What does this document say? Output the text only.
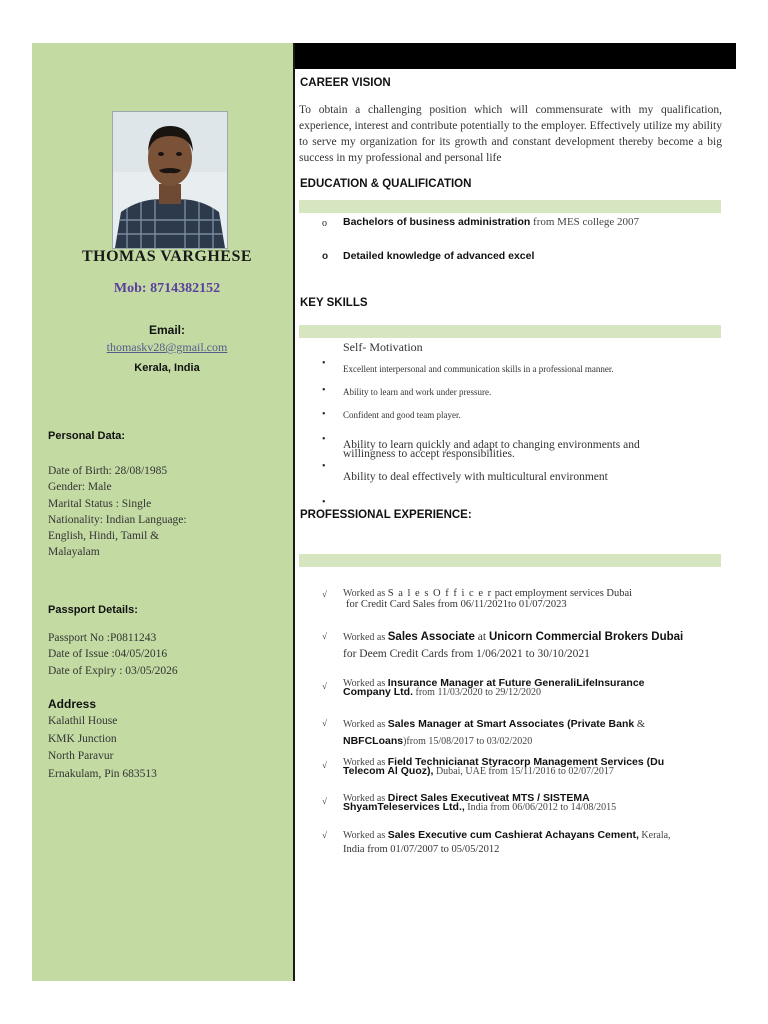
THOMAS VARGHESE
Mob: 8714382152
Email:
thomaskv28@gmail.com
Kerala, India
Personal Data:
Date of Birth: 28/08/1985
Gender: Male
Marital Status : Single
Nationality: Indian Language:
English, Hindi, Tamil &
Malayalam
Passport Details:
Passport No :P0811243
Date of Issue :04/05/2016
Date of Expiry : 03/05/2026
Address
Kalathil House
KMK Junction
North Paravur
Ernakulam, Pin 683513
CAREER VISION
To obtain a challenging position which will commensurate with my qualification, experience, interest and contribute potentially to the employer. Effectively utilize my ability to serve my organization for its growth and constant development thereby become a big success in my professional and personal life
EDUCATION & QUALIFICATION
o Bachelors of business administration from MES college 2007
o Detailed knowledge of advanced excel
KEY SKILLS
Self- Motivation
• Excellent interpersonal and communication skills in a professional manner.
• Ability to learn and work under pressure.
• Confident and good team player.
• Ability to learn quickly and adapt to changing environments and willingness to accept responsibilities.
•
Ability to deal effectively with multicultural environment
•
PROFESSIONAL EXPERIENCE:
√ Worked as S a l e s O f f i c e r pact employment services Dubai
for Credit Card Sales from 06/11/2021to 01/07/2023
√ Worked as Sales Associate at Unicorn Commercial Brokers Dubai
for Deem Credit Cards from 1/06/2021 to 30/10/2021
√ Worked as Insurance Manager at Future GeneraliLifeInsurance
Company Ltd. from 11/03/2020 to 29/12/2020
√ Worked as Sales Manager at Smart Associates (Private Bank &
NBFCLoans)from 15/08/2017 to 03/02/2020
√ Worked as Field Technicianat Styracorp Management Services (Du
Telecom Al Quoz), Dubai, UAE from 15/11/2016 to 02/07/2017
√ Worked as Direct Sales Executiveat MTS / SISTEMA
ShyamTeleservices Ltd., India from 06/06/2012 to 14/08/2015
√ Worked as Sales Executive cum Cashierat Achayans Cement, Kerala,
India from 01/07/2007 to 05/05/2012
